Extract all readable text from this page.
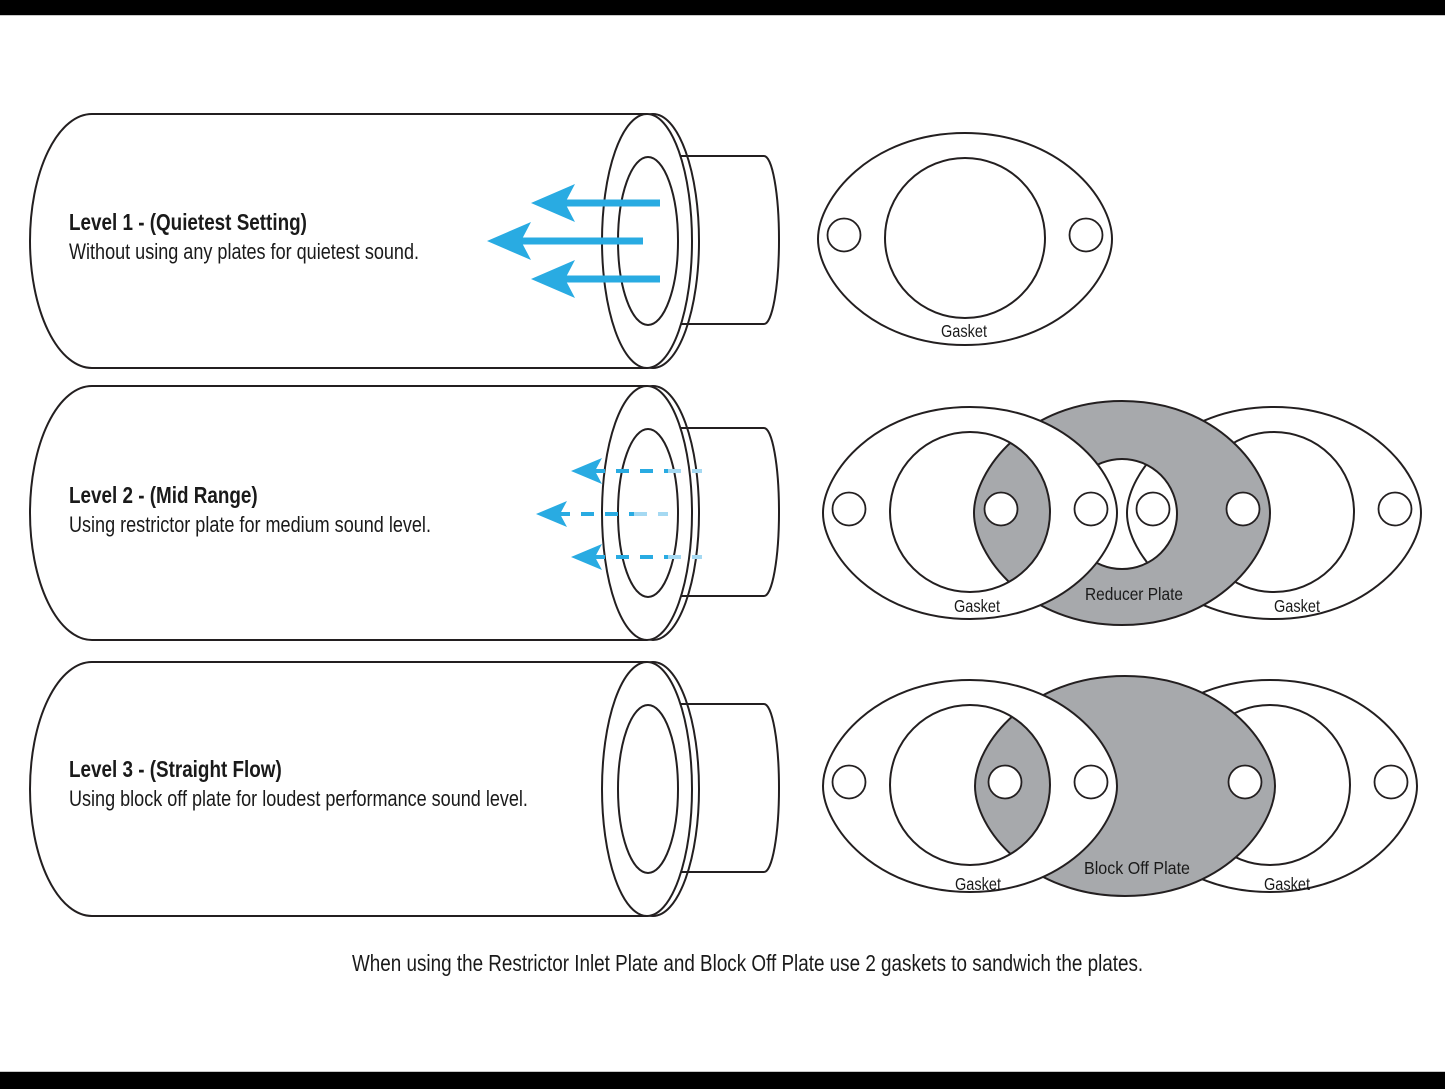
Gasket
Gasket
Reducer Plate
Gasket
Gasket
Block Off Plate
Gasket
Level 1 - (Quietest Setting)
Without using any plates for quietest sound.
Level 2 - (Mid Range)
Using restrictor plate for medium sound level.
Level 3 - (Straight Flow)
Using block off plate for loudest performance sound level.
When using the Restrictor Inlet Plate and Block Off Plate use 2 gaskets to sandwich the plates.
